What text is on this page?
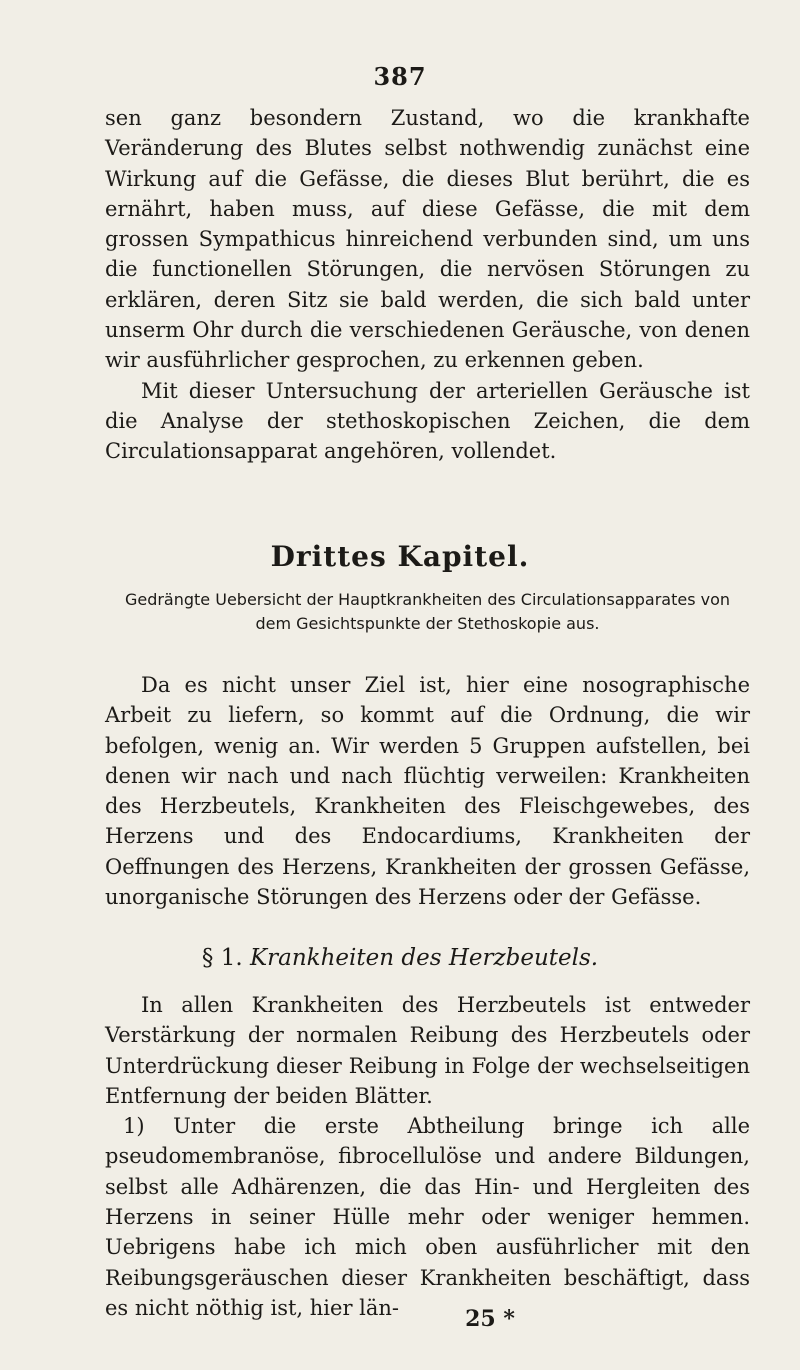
387

sen ganz besondern Zustand, wo die krankhafte Veränderung des Blutes selbst nothwendig zunächst eine Wirkung auf die Gefässe, die dieses Blut berührt, die es ernährt, haben muss, auf diese Gefässe, die mit dem grossen Sympathicus hinreichend verbunden sind, um uns die functionellen Störungen, die nervösen Störungen zu erklären, deren Sitz sie bald werden, die sich bald unter unserm Ohr durch die verschiedenen Geräusche, von denen wir ausführlicher gesprochen, zu erkennen geben.

Mit dieser Untersuchung der arteriellen Geräusche ist die Analyse der stethoskopischen Zeichen, die dem Circulationsapparat angehören, vollendet.

Drittes Kapitel.
Gedrängte Uebersicht der Hauptkrankheiten des Circulationsapparates von dem Gesichtspunkte der Stethoskopie aus.

Da es nicht unser Ziel ist, hier eine nosographische Arbeit zu liefern, so kommt auf die Ordnung, die wir befolgen, wenig an. Wir werden 5 Gruppen aufstellen, bei denen wir nach und nach flüchtig verweilen: Krankheiten des Herzbeutels, Krankheiten des Fleischgewebes, des Herzens und des Endocardiums, Krankheiten der Oeffnungen des Herzens, Krankheiten der grossen Gefässe, unorganische Störungen des Herzens oder der Gefässe.

§ 1. Krankheiten des Herzbeutels.

In allen Krankheiten des Herzbeutels ist entweder Verstärkung der normalen Reibung des Herzbeutels oder Unterdrückung dieser Reibung in Folge der wechselseitigen Entfernung der beiden Blätter.

1) Unter die erste Abtheilung bringe ich alle pseudomembranöse, fibrocellulöse und andere Bildungen, selbst alle Adhärenzen, die das Hin- und Hergleiten des Herzens in seiner Hülle mehr oder weniger hemmen. Uebrigens habe ich mich oben ausführlicher mit den Reibungsgeräuschen dieser Krankheiten beschäftigt, dass es nicht nöthig ist, hier län-	25 *
